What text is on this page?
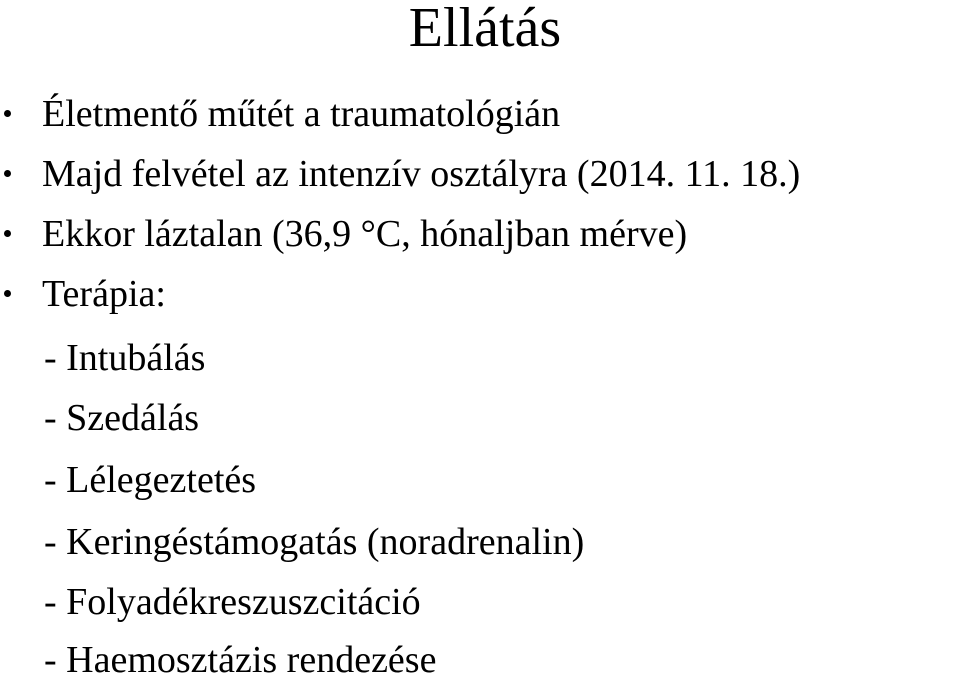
Ellátás
Életmentő műtét a traumatológián
Majd felvétel az intenzív osztályra (2014. 11. 18.)
Ekkor láztalan (36,9 °C, hónaljban mérve)
Terápia:
- Intubálás
- Szedálás
- Lélegeztetés
- Keringéstámogatás (noradrenalin)
- Folyadékreszuszcitáció
- Haemosztázis rendezése
